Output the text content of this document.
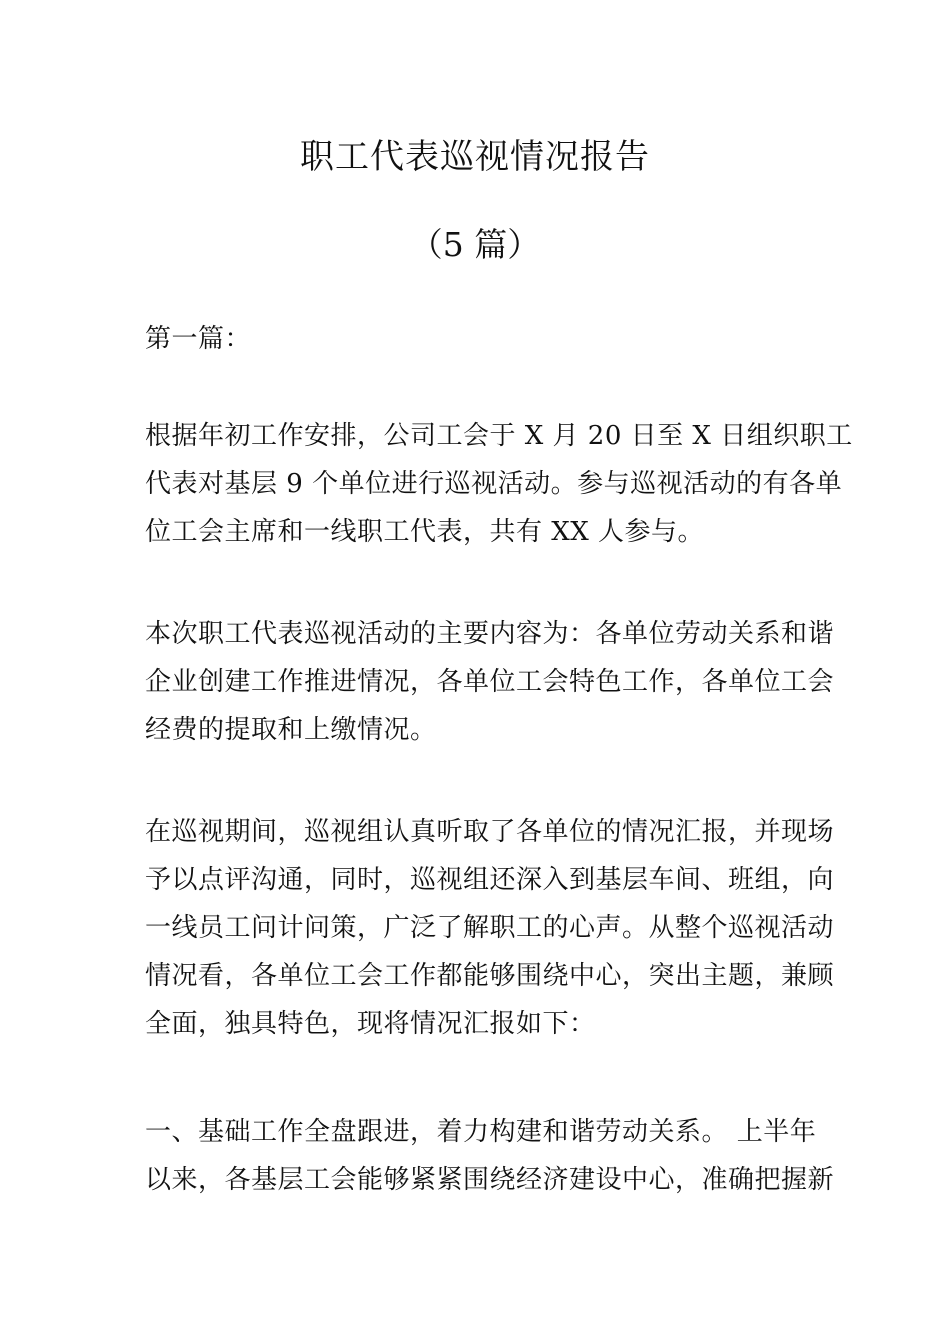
职工代表巡视情况报告
（5 篇）

第一篇：

根据年初工作安排，公司工会于 X 月 20 日至 X 日组织职工
代表对基层 9 个单位进行巡视活动。参与巡视活动的有各单
位工会主席和一线职工代表，共有 XX 人参与。

本次职工代表巡视活动的主要内容为：各单位劳动关系和谐
企业创建工作推进情况，各单位工会特色工作，各单位工会
经费的提取和上缴情况。

在巡视期间，巡视组认真听取了各单位的情况汇报，并现场
予以点评沟通，同时，巡视组还深入到基层车间、班组，向
一线员工问计问策，广泛了解职工的心声。从整个巡视活动
情况看，各单位工会工作都能够围绕中心，突出主题，兼顾
全面，独具特色，现将情况汇报如下：

一、基础工作全盘跟进，着力构建和谐劳动关系。 上半年
以来，各基层工会能够紧紧围绕经济建设中心，准确把握新
